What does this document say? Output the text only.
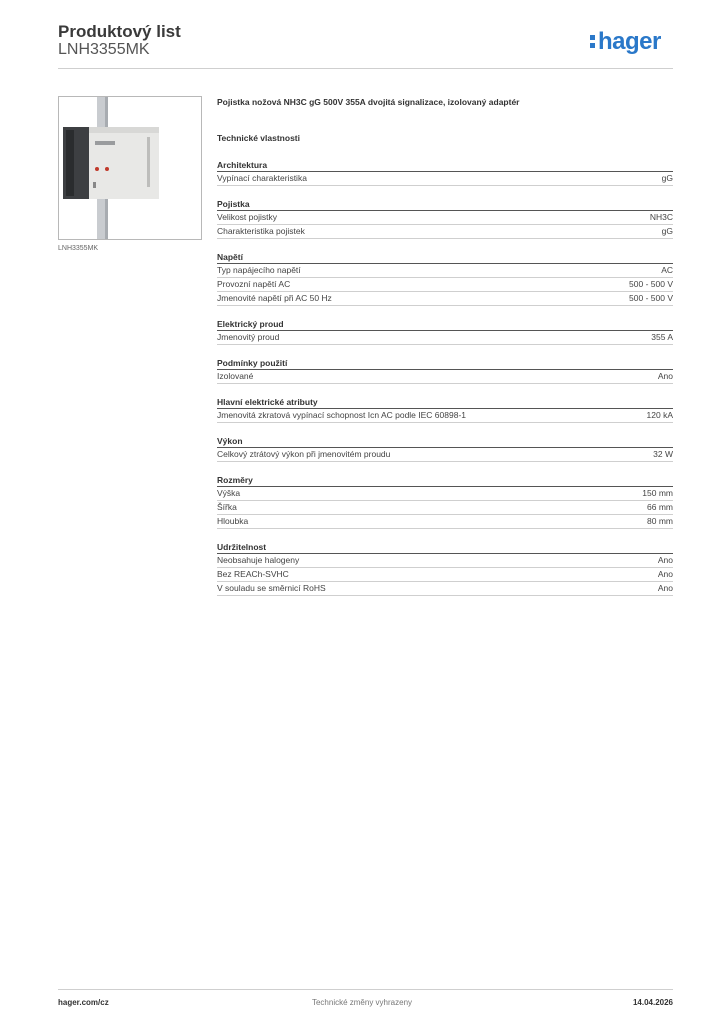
Produktový list
LNH3355MK	hager
LNH3355MK
Pojistka nožová NH3C gG 500V 355A dvojitá signalizace, izolovaný adaptér
Technické vlastnosti
Architektura
Vypínací charakteristika	gG
Pojistka
Velikost pojistky	NH3C
Charakteristika pojistek	gG
Napětí
Typ napájecího napětí	AC
Provozní napětí AC	500 - 500 V
Jmenovité napětí při AC 50 Hz	500 - 500 V
Elektrický proud
Jmenovitý proud	355 A
Podmínky použití
Izolované	Ano
Hlavní elektrické atributy
Jmenovitá zkratová vypínací schopnost Icn AC podle IEC 60898-1	120 kA
Výkon
Celkový ztrátový výkon při jmenovitém proudu	32 W
Rozměry
Výška	150 mm
Šířka	66 mm
Hloubka	80 mm
Udržitelnost
Neobsahuje halogeny	Ano
Bez REACh-SVHC	Ano
V souladu se směrnicí RoHS	Ano
hager.com/cz	Technické změny vyhrazeny	14.04.2026
